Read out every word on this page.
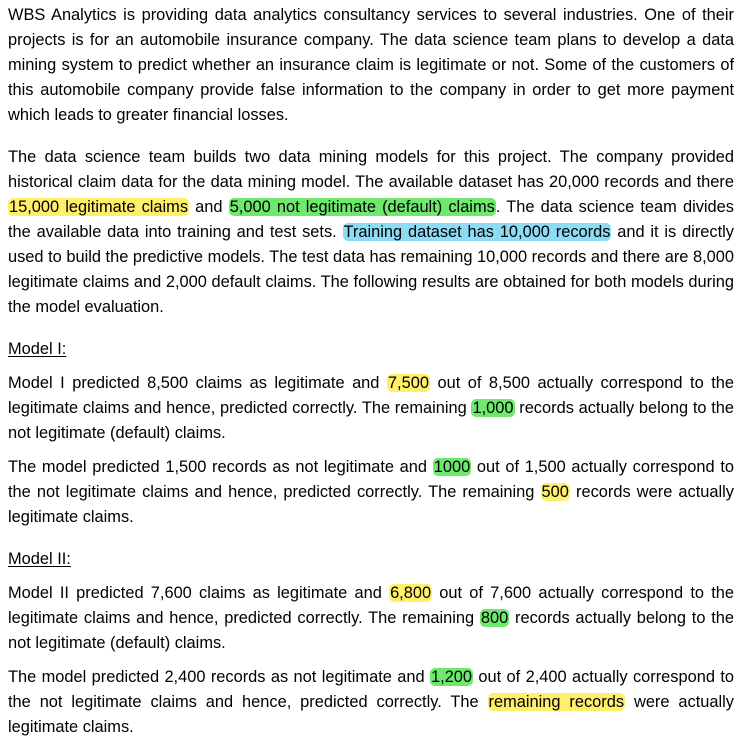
WBS Analytics is providing data analytics consultancy services to several industries. One of their projects is for an automobile insurance company. The data science team plans to develop a data mining system to predict whether an insurance claim is legitimate or not. Some of the customers of this automobile company provide false information to the company in order to get more payment which leads to greater financial losses.

The data science team builds two data mining models for this project. The company provided historical claim data for the data mining model. The available dataset has 20,000 records and there 15,000 legitimate claims and 5,000 not legitimate (default) claims. The data science team divides the available data into training and test sets. Training dataset has 10,000 records and it is directly used to build the predictive models. The test data has remaining 10,000 records and there are 8,000 legitimate claims and 2,000 default claims. The following results are obtained for both models during the model evaluation.

Model I:

Model I predicted 8,500 claims as legitimate and 7,500 out of 8,500 actually correspond to the legitimate claims and hence, predicted correctly. The remaining 1,000 records actually belong to the not legitimate (default) claims.

The model predicted 1,500 records as not legitimate and 1000 out of 1,500 actually correspond to the not legitimate claims and hence, predicted correctly. The remaining 500 records were actually legitimate claims.

Model II:

Model II predicted 7,600 claims as legitimate and 6,800 out of 7,600 actually correspond to the legitimate claims and hence, predicted correctly. The remaining 800 records actually belong to the not legitimate (default) claims.

The model predicted 2,400 records as not legitimate and 1,200 out of 2,400 actually correspond to the not legitimate claims and hence, predicted correctly. The remaining records were actually legitimate claims.
